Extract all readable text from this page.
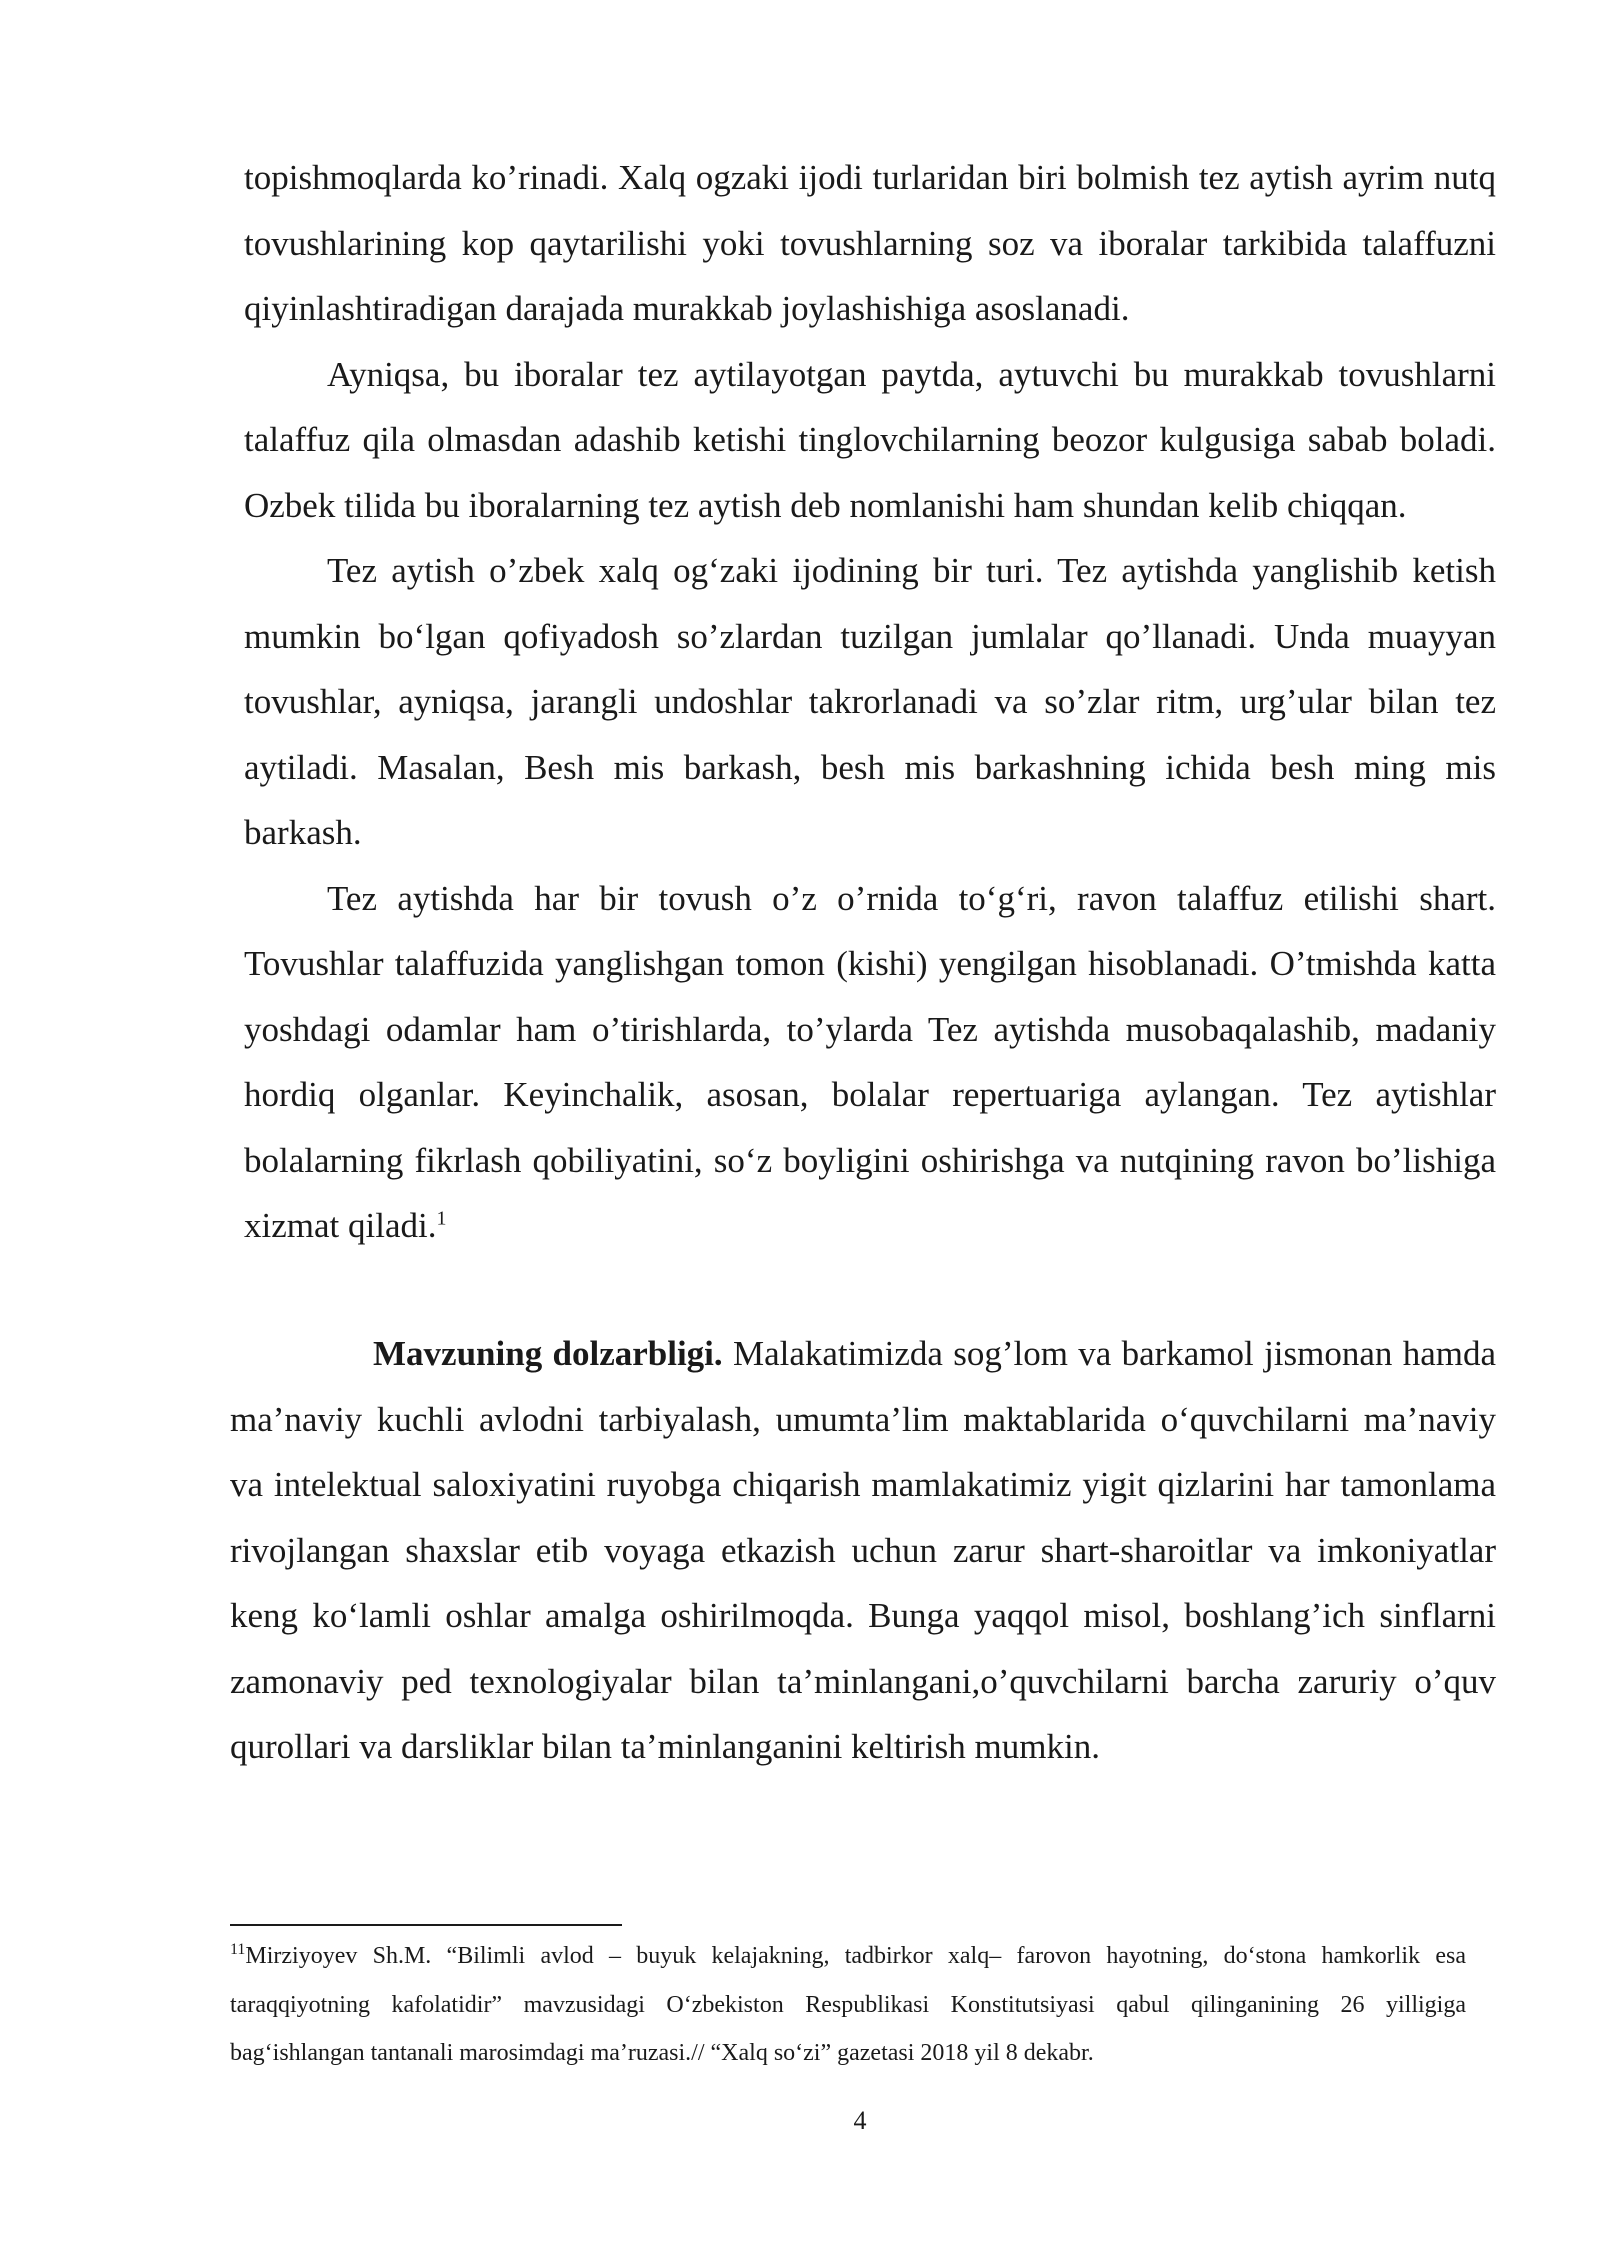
topishmoqlarda ko’rinadi. Xalq ogzaki ijodi turlaridan biri bolmish tez aytish ayrim nutq tovushlarining kop qaytarilishi yoki tovushlarning soz va iboralar tarkibida talaffuzni qiyinlashtiradigan darajada murakkab joylashishiga asoslanadi.

Ayniqsa, bu iboralar tez aytilayotgan paytda, aytuvchi bu murakkab tovushlarni talaffuz qila olmasdan adashib ketishi tinglovchilarning beozor kulgusiga sabab boladi. Ozbek tilida bu iboralarning tez aytish deb nomlanishi ham shundan kelib chiqqan.

Tez aytish o’zbek xalq og‘zaki ijodining bir turi. Tez aytishda yanglishib ketish mumkin bo‘lgan qofiyadosh so’zlardan tuzilgan jumlalar qo’llanadi. Unda muayyan tovushlar, ayniqsa, jarangli undoshlar takrorlanadi va so’zlar ritm, urg’ular bilan tez aytiladi. Masalan, Besh mis barkash, besh mis barkashning ichida besh ming mis barkash.

Tez aytishda har bir tovush o’z o’rnida to‘g‘ri, ravon talaffuz etilishi shart. Tovushlar talaffuzida yanglishgan tomon (kishi) yengilgan hisoblanadi. O’tmishda katta yoshdagi odamlar ham o’tirishlarda, to’ylarda Tez aytishda musobaqalashib, madaniy hordiq olganlar. Keyinchalik, asosan, bolalar repertuariga aylangan. Tez aytishlar bolalarning fikrlash qobiliyatini, so‘z boyligini oshirishga va nutqining ravon bo’lishiga xizmat qiladi.$^1$

Mavzuning dolzarbligi. Malakatimizda sog’lom va barkamol jismonan hamda ma’naviy kuchli avlodni tarbiyalash, umumta’lim maktablarida o‘quvchilarni ma’naviy va intelektual saloxiyatini ruyobga chiqarish mamlakatimiz yigit qizlarini har tamonlama rivojlangan shaxslar etib voyaga etkazish uchun zarur shart-sharoitlar va imkoniyatlar keng ko‘lamli oshlar amalga oshirilmoqda. Bunga yaqqol misol, boshlang’ich sinflarni zamonaviy ped texnologiyalar bilan ta’minlangani,o’quvchilarni barcha zaruriy o’quv qurollari va darsliklar bilan ta’minlanganini keltirish mumkin.

$^{11}$Mirziyoyev Sh.M. “Bilimli avlod – buyuk kelajakning, tadbirkor xalq– farovon hayotning, do‘stona hamkorlik esa taraqqiyotning kafolatidir” mavzusidagi O‘zbekiston Respublikasi Konstitutsiyasi qabul qilinganining 26 yilligiga bag‘ishlangan tantanali marosimdagi ma’ruzasi.// “Xalq so‘zi” gazetasi 2018 yil 8 dekabr.

4
